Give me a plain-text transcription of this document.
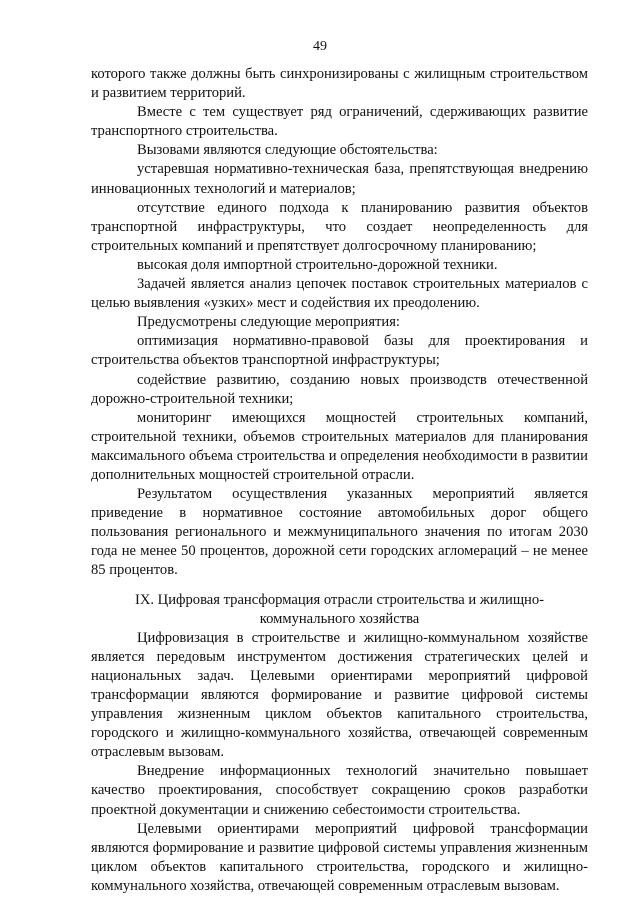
49

которого также должны быть синхронизированы с жилищным строительством и развитием территорий.

Вместе с тем существует ряд ограничений, сдерживающих развитие транспортного строительства.

Вызовами являются следующие обстоятельства:

устаревшая нормативно-техническая база, препятствующая внедрению инновационных технологий и материалов;

отсутствие единого подхода к планированию развития объектов транспортной инфраструктуры, что создает неопределенность для строительных компаний и препятствует долгосрочному планированию;

высокая доля импортной строительно-дорожной техники.

Задачей является анализ цепочек поставок строительных материалов с целью выявления «узких» мест и содействия их преодолению.

Предусмотрены следующие мероприятия:

оптимизация нормативно-правовой базы для проектирования и строительства объектов транспортной инфраструктуры;

содействие развитию, созданию новых производств отечественной дорожно-строительной техники;

мониторинг имеющихся мощностей строительных компаний, строительной техники, объемов строительных материалов для планирования максимального объема строительства и определения необходимости в развитии дополнительных мощностей строительной отрасли.

Результатом осуществления указанных мероприятий является приведение в нормативное состояние автомобильных дорог общего пользования регионального и межмуниципального значения по итогам 2030 года не менее 50 процентов, дорожной сети городских агломераций – не менее 85 процентов.

IX. Цифровая трансформация отрасли строительства и жилищно-
коммунального хозяйства

Цифровизация в строительстве и жилищно-коммунальном хозяйстве является передовым инструментом достижения стратегических целей и национальных задач. Целевыми ориентирами мероприятий цифровой трансформации являются формирование и развитие цифровой системы управления жизненным циклом объектов капитального строительства, городского и жилищно-коммунального хозяйства, отвечающей современным отраслевым вызовам.

Внедрение информационных технологий значительно повышает качество проектирования, способствует сокращению сроков разработки проектной документации и снижению себестоимости строительства.

Целевыми ориентирами мероприятий цифровой трансформации являются формирование и развитие цифровой системы управления жизненным циклом объектов капитального строительства, городского и жилищно-коммунального хозяйства, отвечающей современным отраслевым вызовам.
